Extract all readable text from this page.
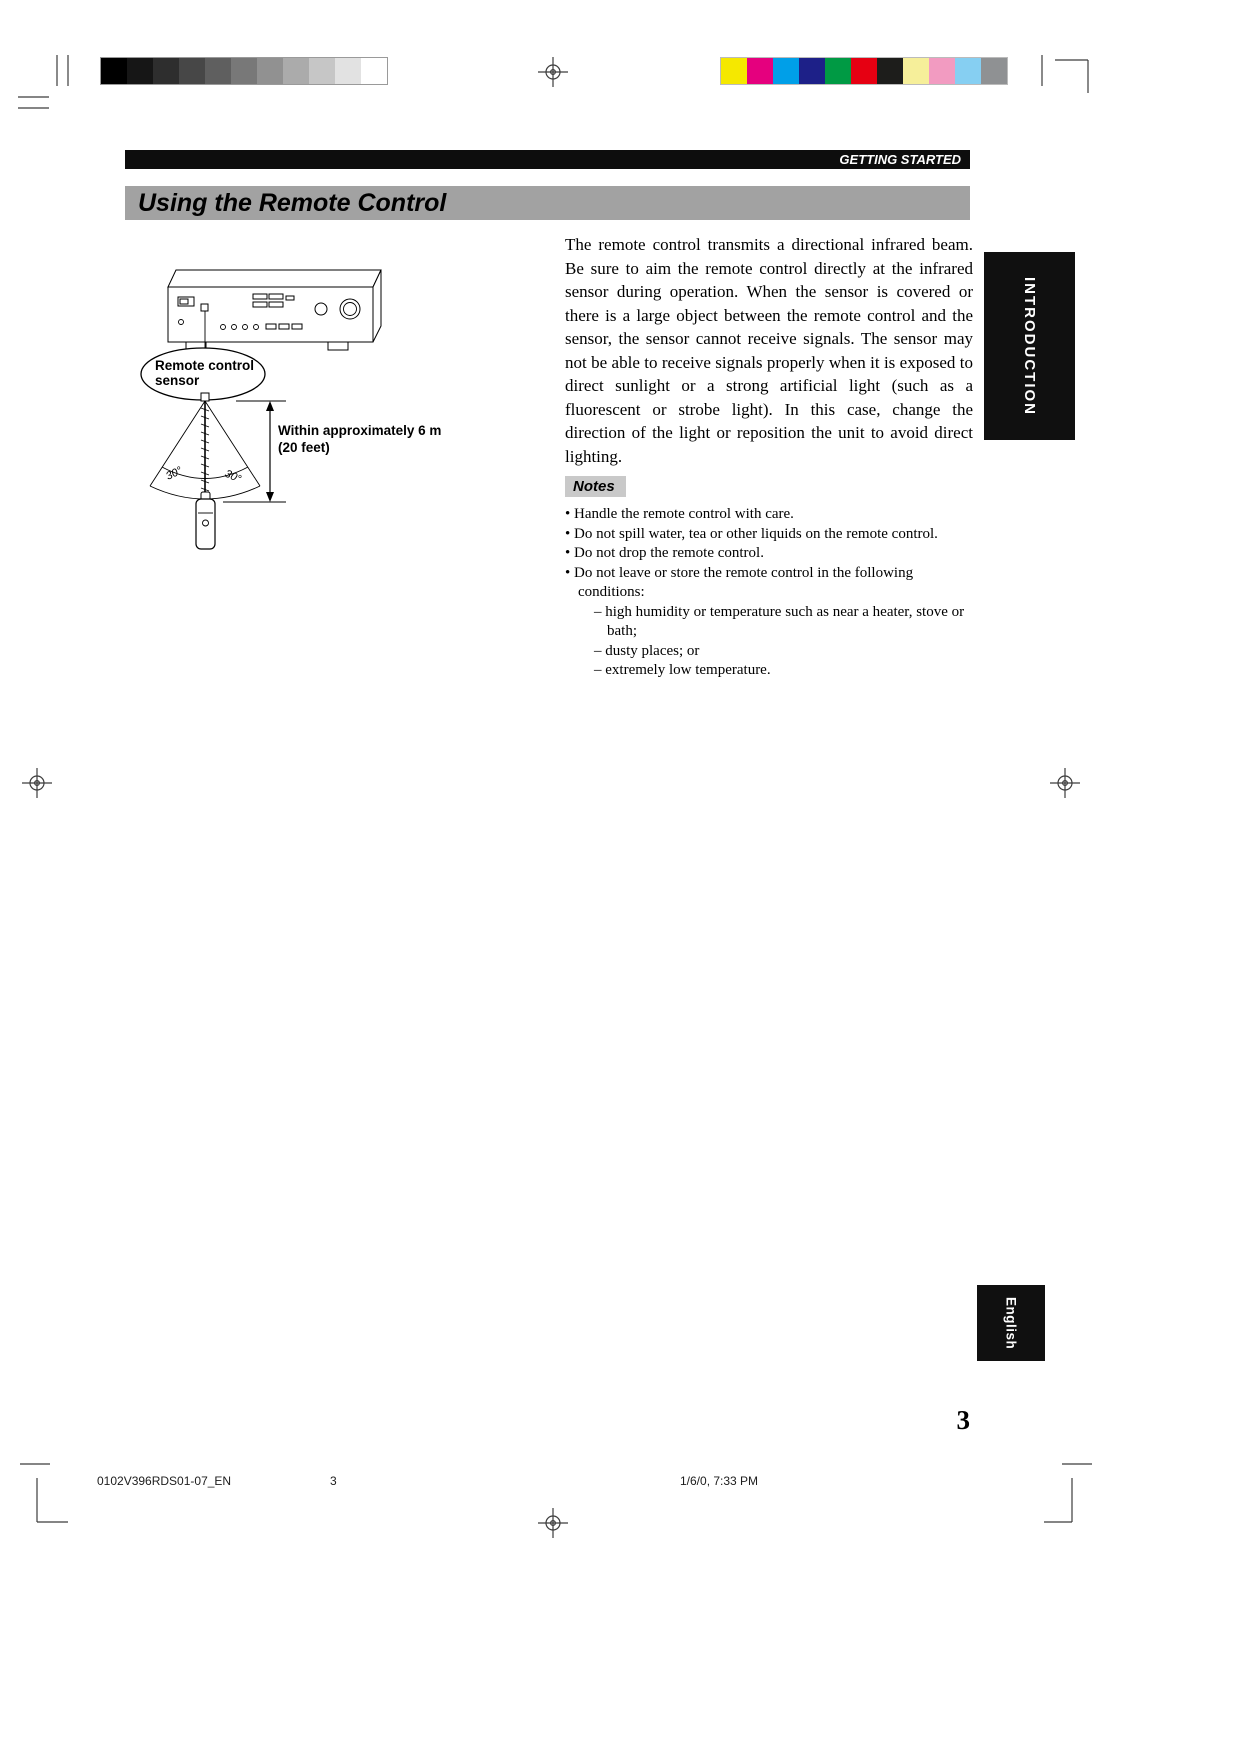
GETTING STARTED
Using the Remote Control
Remote control
sensor
30°	30°
Within approximately 6 m
(20 feet)

The remote control transmits a directional infrared beam. Be sure to aim the remote control directly at the infrared sensor during operation. When the sensor is covered or there is a large object between the remote control and the sensor, the sensor cannot receive signals. The sensor may not be able to receive signals properly when it is exposed to direct sunlight or a strong artificial light (such as a fluorescent or strobe light). In this case, change the direction of the light or reposition the unit to avoid direct lighting.

Notes
• Handle the remote control with care.
• Do not spill water, tea or other liquids on the remote control.
• Do not drop the remote control.
• Do not leave or store the remote control in the following conditions:
– high humidity or temperature such as near a heater, stove or bath;
– dusty places; or
– extremely low temperature.
INTRODUCTION
English
3
0102V396RDS01-07_EN	3	1/6/0, 7:33 PM
